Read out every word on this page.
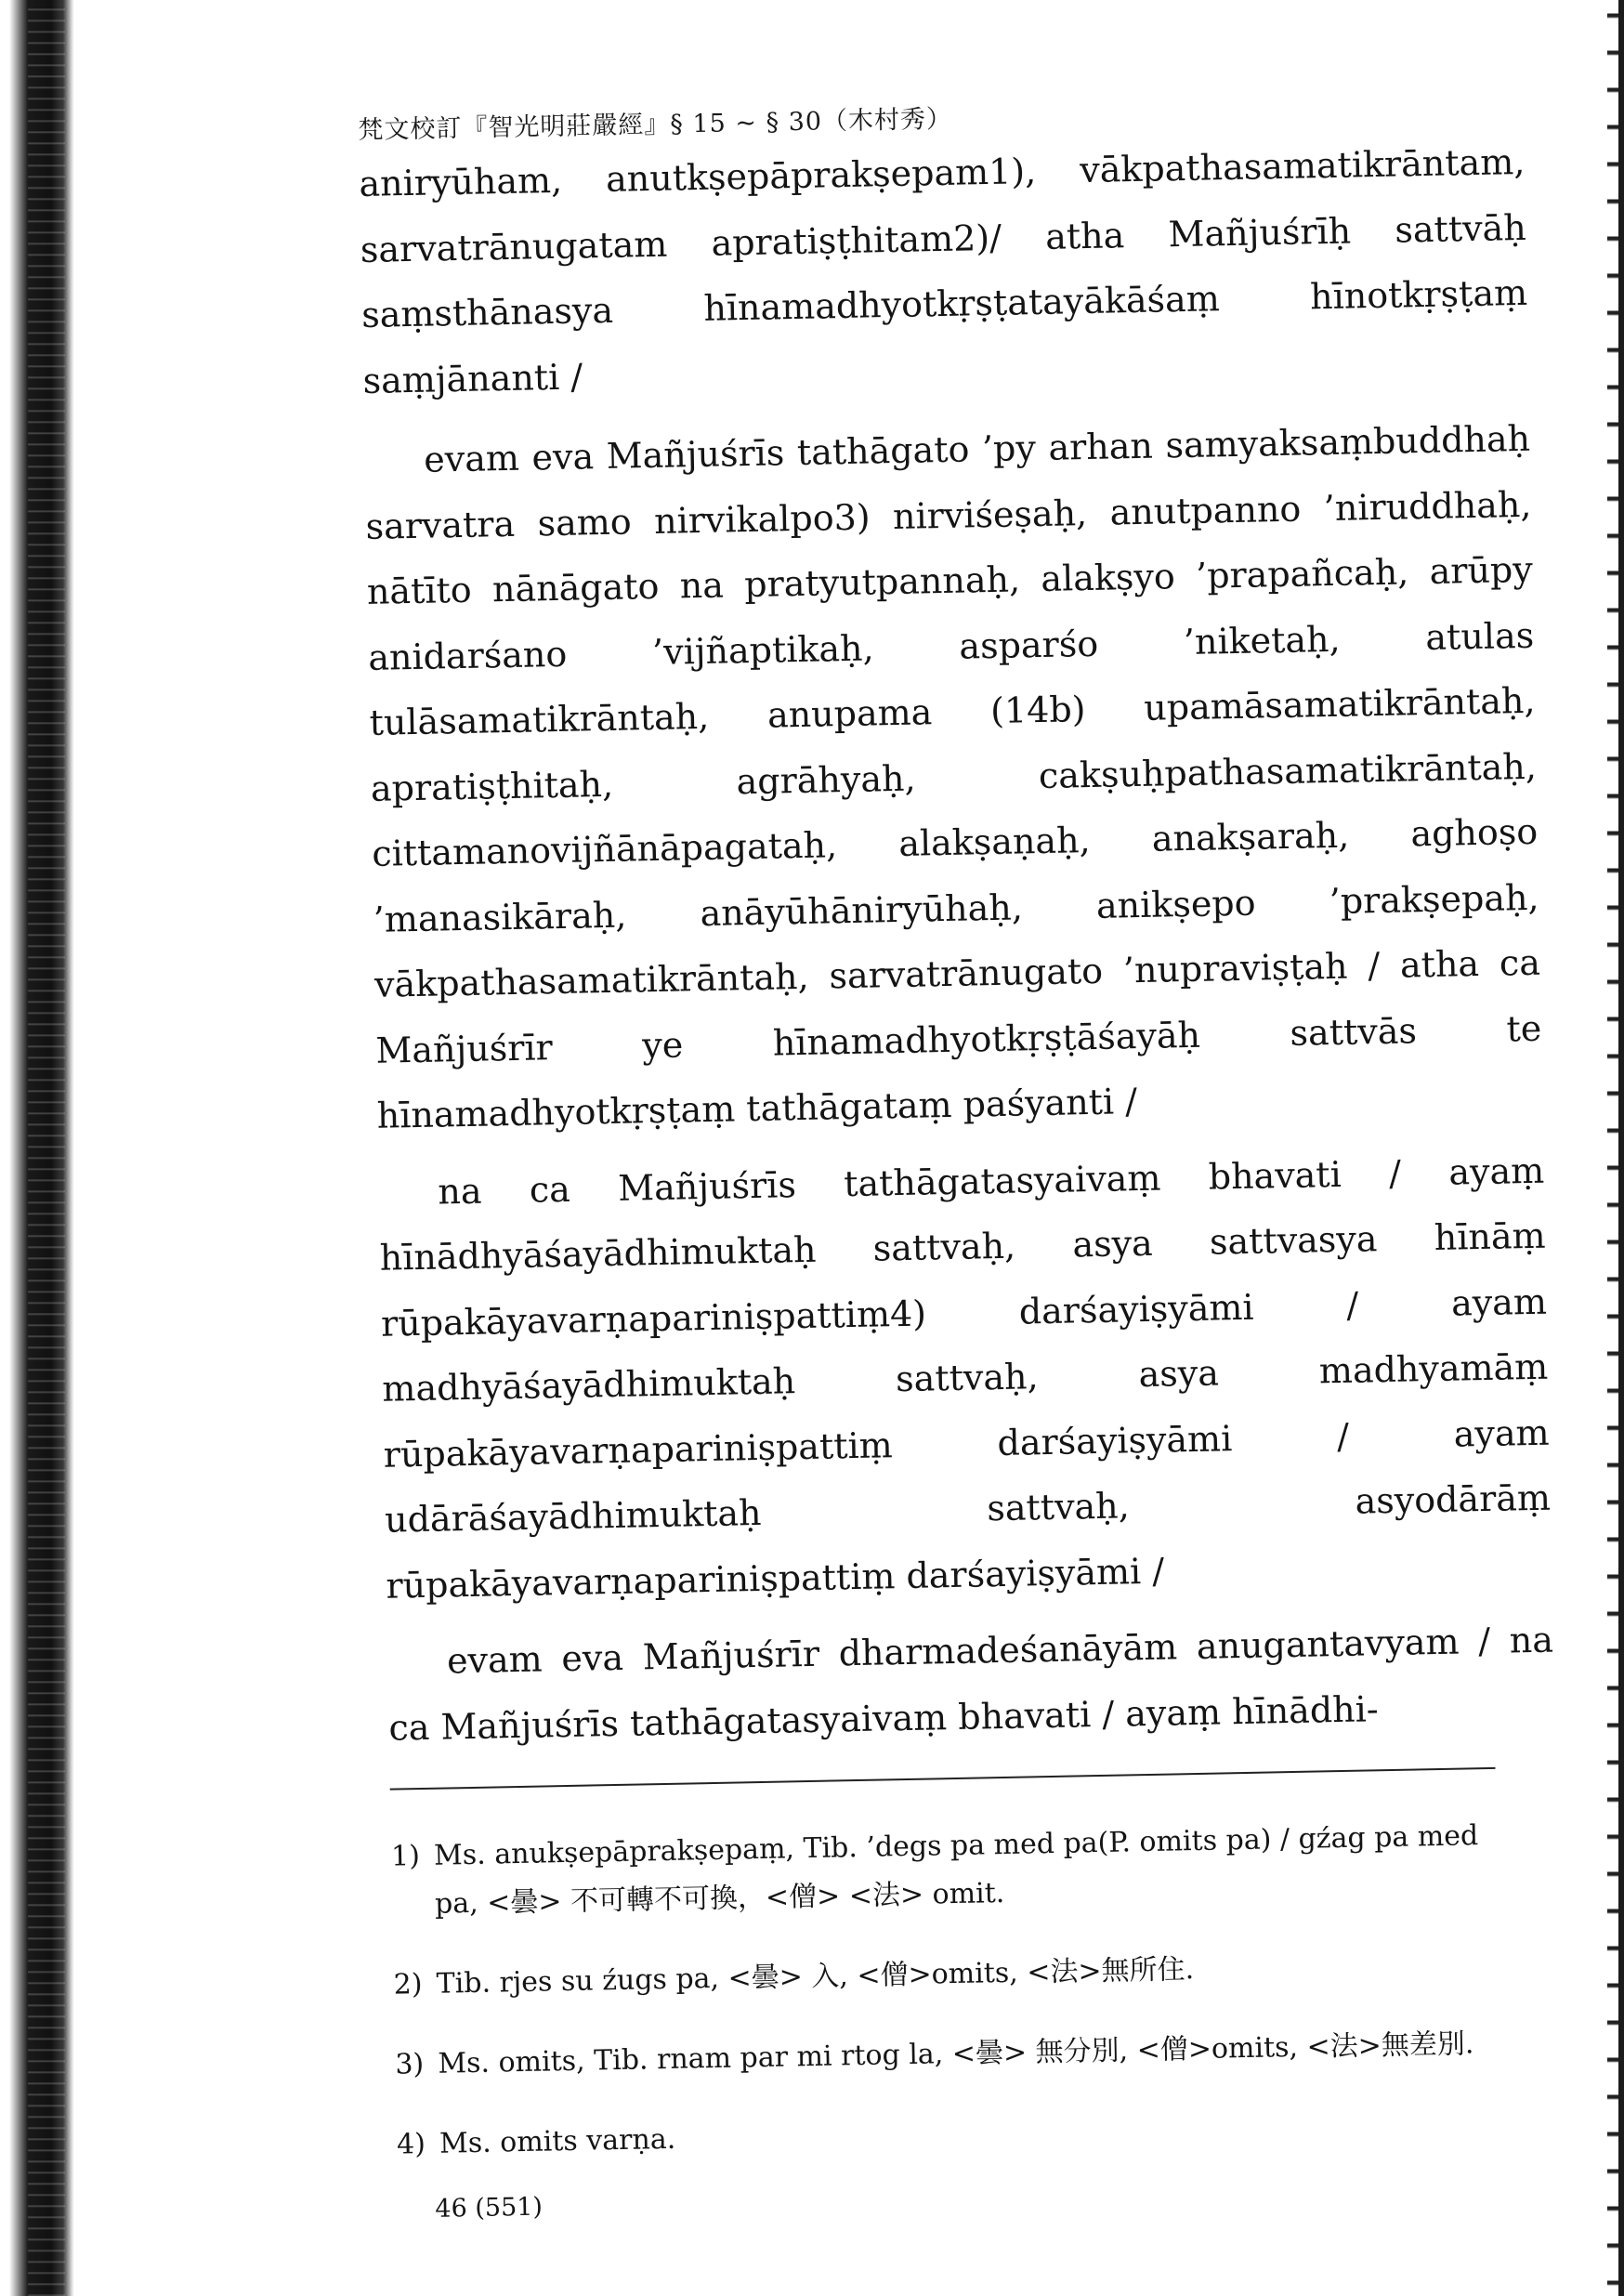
梵文校訂『智光明莊嚴經』§ 15 ~ § 30（木村秀）

aniryūham, anutkṣepāprakṣepam1), vākpathasamatikrāntam, sarvatrānugatam apratiṣṭhitam2)/ atha Mañjuśrīḥ sattvāḥ saṃsthānasya hīnamadhyotkṛṣṭatayākāśaṃ hīnotkṛṣṭaṃ saṃjānanti /

evam eva Mañjuśrīs tathāgato ’py arhan samyaksaṃbuddhaḥ sarvatra samo nirvikalpo3) nirviśeṣaḥ, anutpanno ’niruddhaḥ, nātīto nānāgato na pratyutpannaḥ, alakṣyo ’prapañcaḥ, arūpy anidarśano ’vijñaptikaḥ, asparśo ’niketaḥ, atulas tulāsamatikrāntaḥ, anupama (14b) upamāsamatikrāntaḥ, apratiṣṭhitaḥ, agrāhyaḥ, cakṣuḥpathasamatikrāntaḥ, cittamanovijñānāpagataḥ, alakṣaṇaḥ, anakṣaraḥ, aghoṣo ’manasikāraḥ, anāyūhāniryūhaḥ, anikṣepo ’prakṣepaḥ, vākpathasamatikrāntaḥ, sarvatrānugato ’nupraviṣṭaḥ / atha ca Mañjuśrīr ye hīnamadhyotkṛṣṭāśayāḥ sattvās te hīnamadhyotkṛṣṭaṃ tathāgataṃ paśyanti /

na ca Mañjuśrīs tathāgatasyaivaṃ bhavati / ayaṃ hīnādhyāśayādhimuktaḥ sattvaḥ, asya sattvasya hīnāṃ rūpakāyavarṇapariniṣpattiṃ4) darśayiṣyāmi / ayam madhyāśayādhimuktaḥ sattvaḥ, asya madhyamāṃ rūpakāyavarṇapariniṣpattiṃ darśayiṣyāmi / ayam udārāśayādhimuktaḥ sattvaḥ, asyodārāṃ rūpakāyavarṇapariniṣpattiṃ darśayiṣyāmi /

evam eva Mañjuśrīr dharmadeśanāyām anugantavyam / na ca Mañjuśrīs tathāgatasyaivaṃ bhavati / ayaṃ hīnādhi-

1) Ms. anukṣepāprakṣepaṃ, Tib. ’degs pa med pa(P. omits pa) / gźag pa med pa, <曇> 不可轉不可換，<僧> <法> omit.
2) Tib. rjes su źugs pa, <曇> 入, <僧>omits, <法>無所住.
3) Ms. omits, Tib. rnam par mi rtog la, <曇> 無分別, <僧>omits, <法>無差別.
4) Ms. omits varṇa.
46 (551)
